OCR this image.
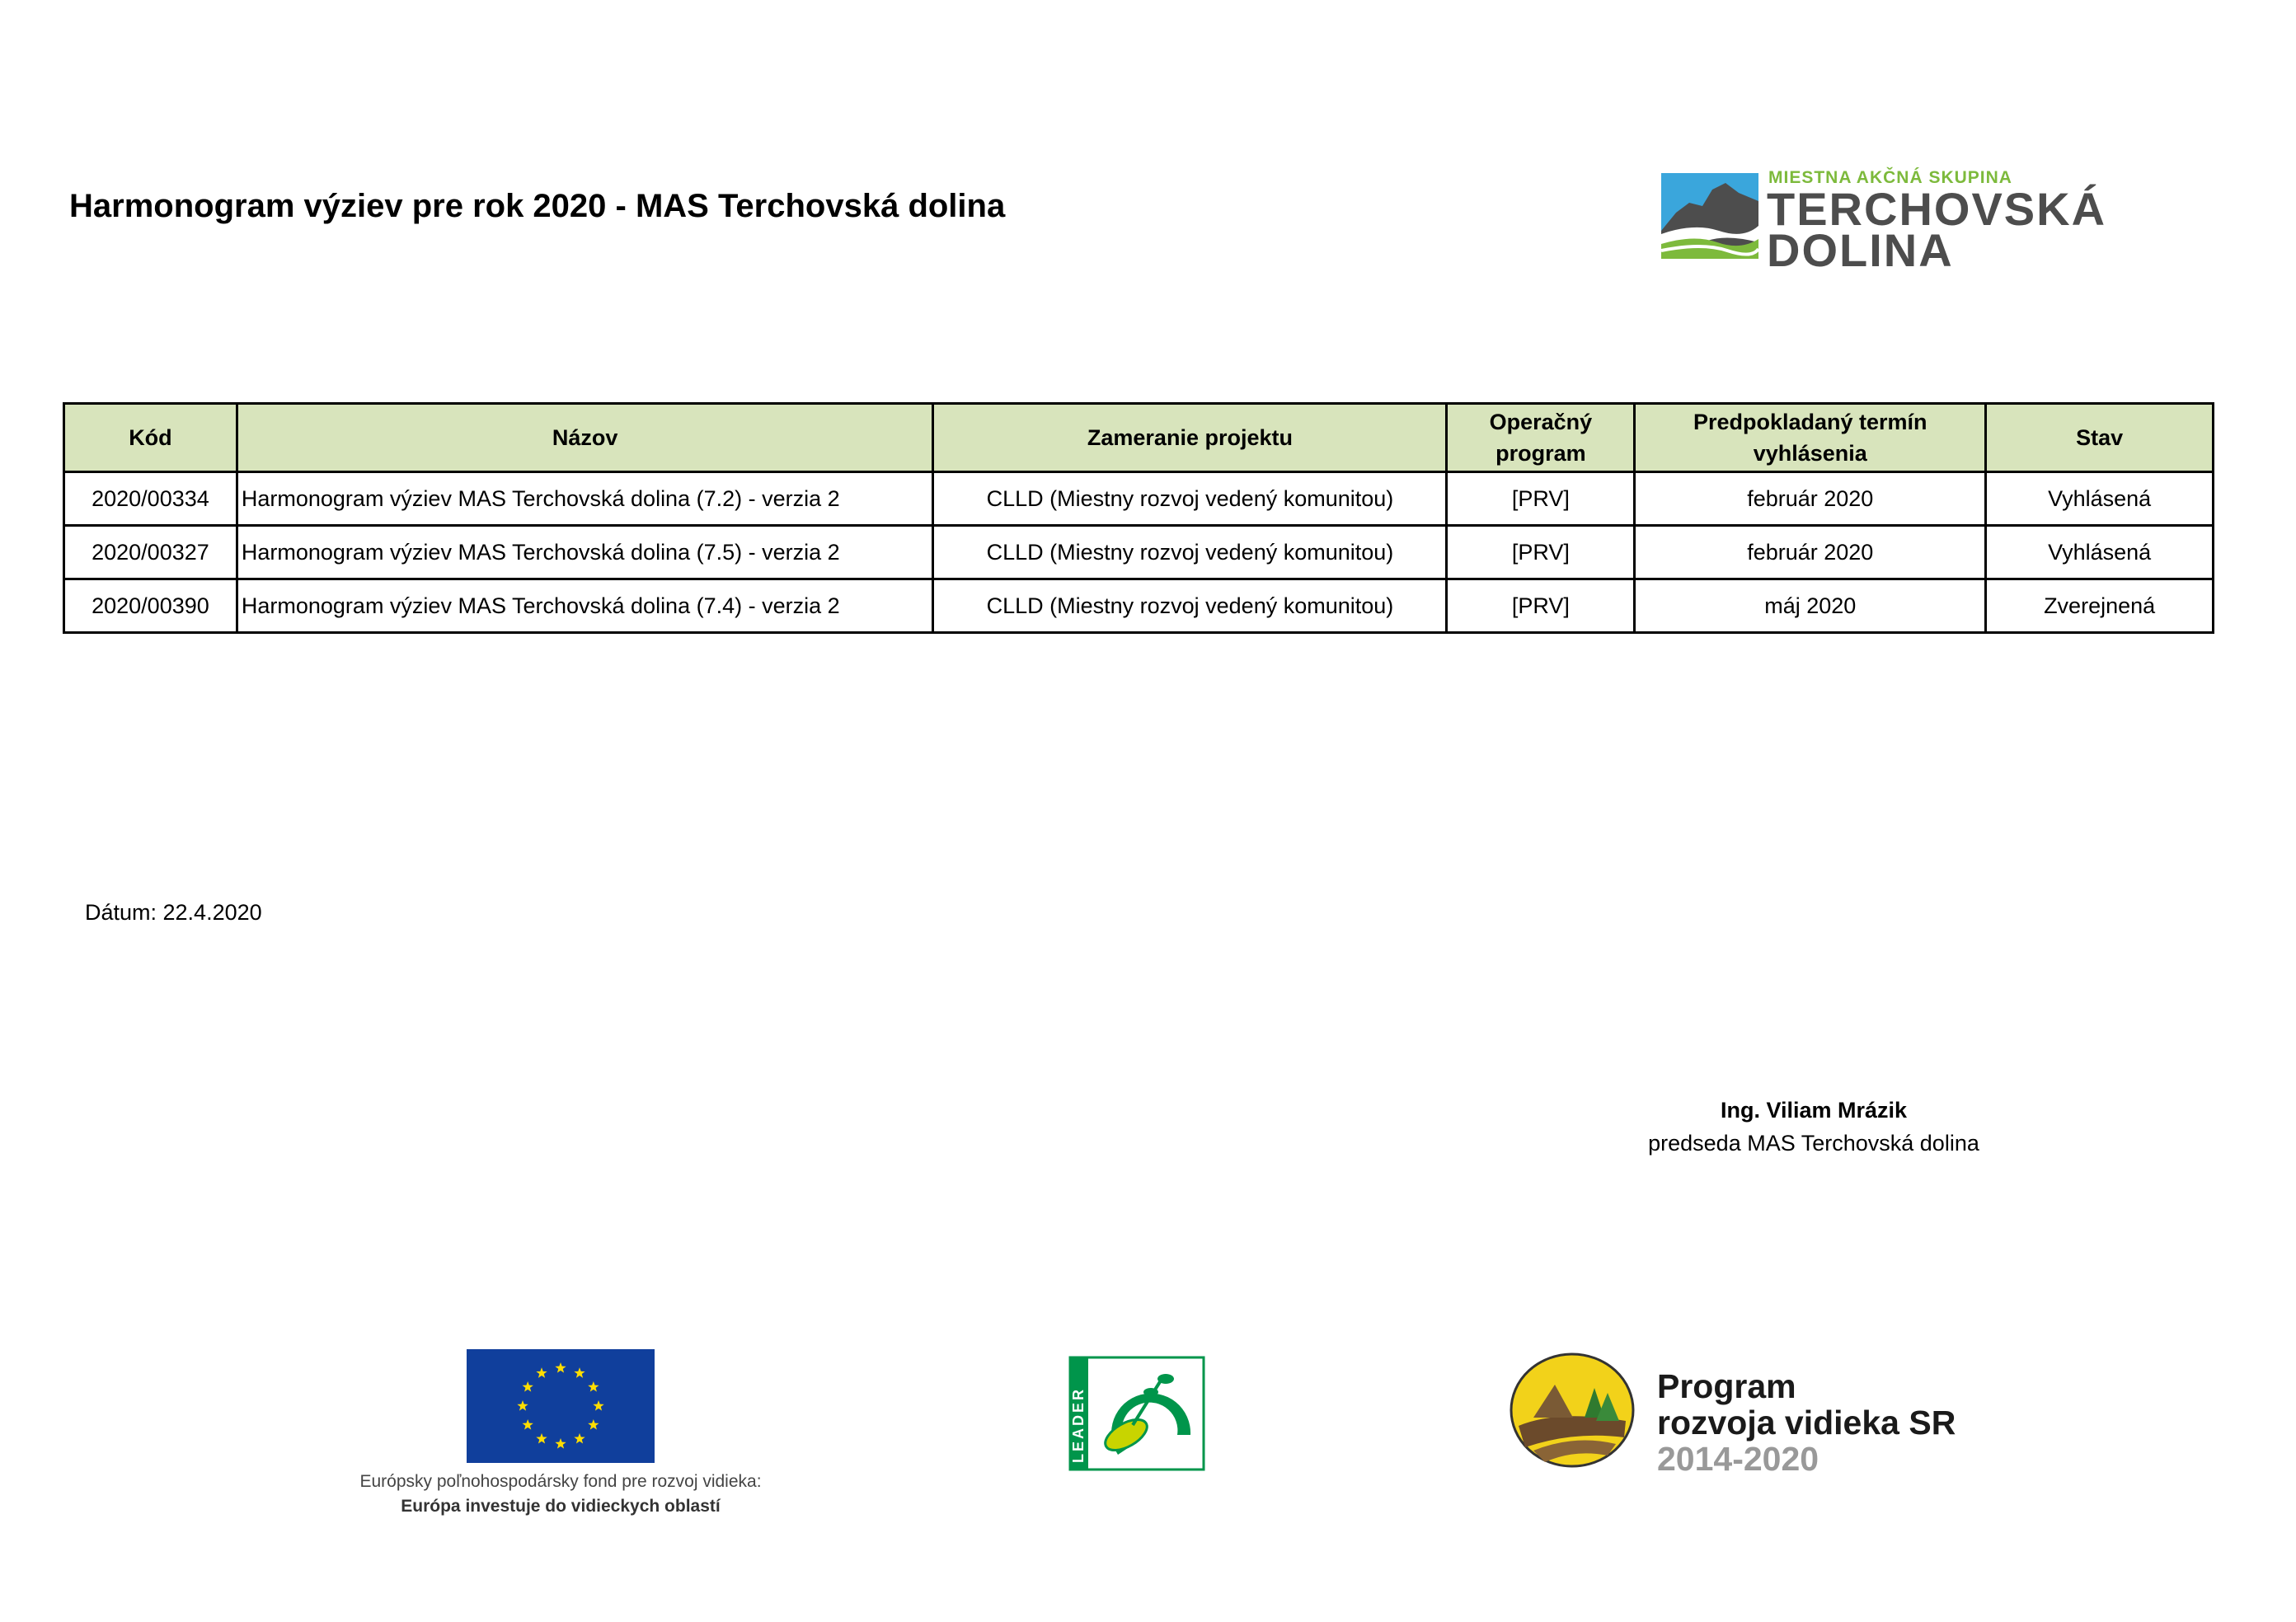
Harmonogram výziev pre rok 2020 - MAS Terchovská dolina
MIESTNA AKČNÁ SKUPINA
TERCHOVSKÁ
DOLINA
Kód	Názov	Zameranie projektu	Operačný program	Predpokladaný termín vyhlásenia	Stav
2020/00334	Harmonogram výziev MAS Terchovská dolina (7.2) - verzia 2	CLLD (Miestny rozvoj vedený komunitou)	[PRV]	február 2020	Vyhlásená
2020/00327	Harmonogram výziev MAS Terchovská dolina (7.5) - verzia 2	CLLD (Miestny rozvoj vedený komunitou)	[PRV]	február 2020	Vyhlásená
2020/00390	Harmonogram výziev MAS Terchovská dolina (7.4) - verzia 2	CLLD (Miestny rozvoj vedený komunitou)	[PRV]	máj 2020	Zverejnená
Dátum: 22.4.2020
Ing. Viliam Mrázik
predseda MAS Terchovská dolina
Európsky poľnohospodársky fond pre rozvoj vidieka:
Európa investuje do vidieckych oblastí
LEADER
Program
rozvoja vidieka SR
2014-2020
